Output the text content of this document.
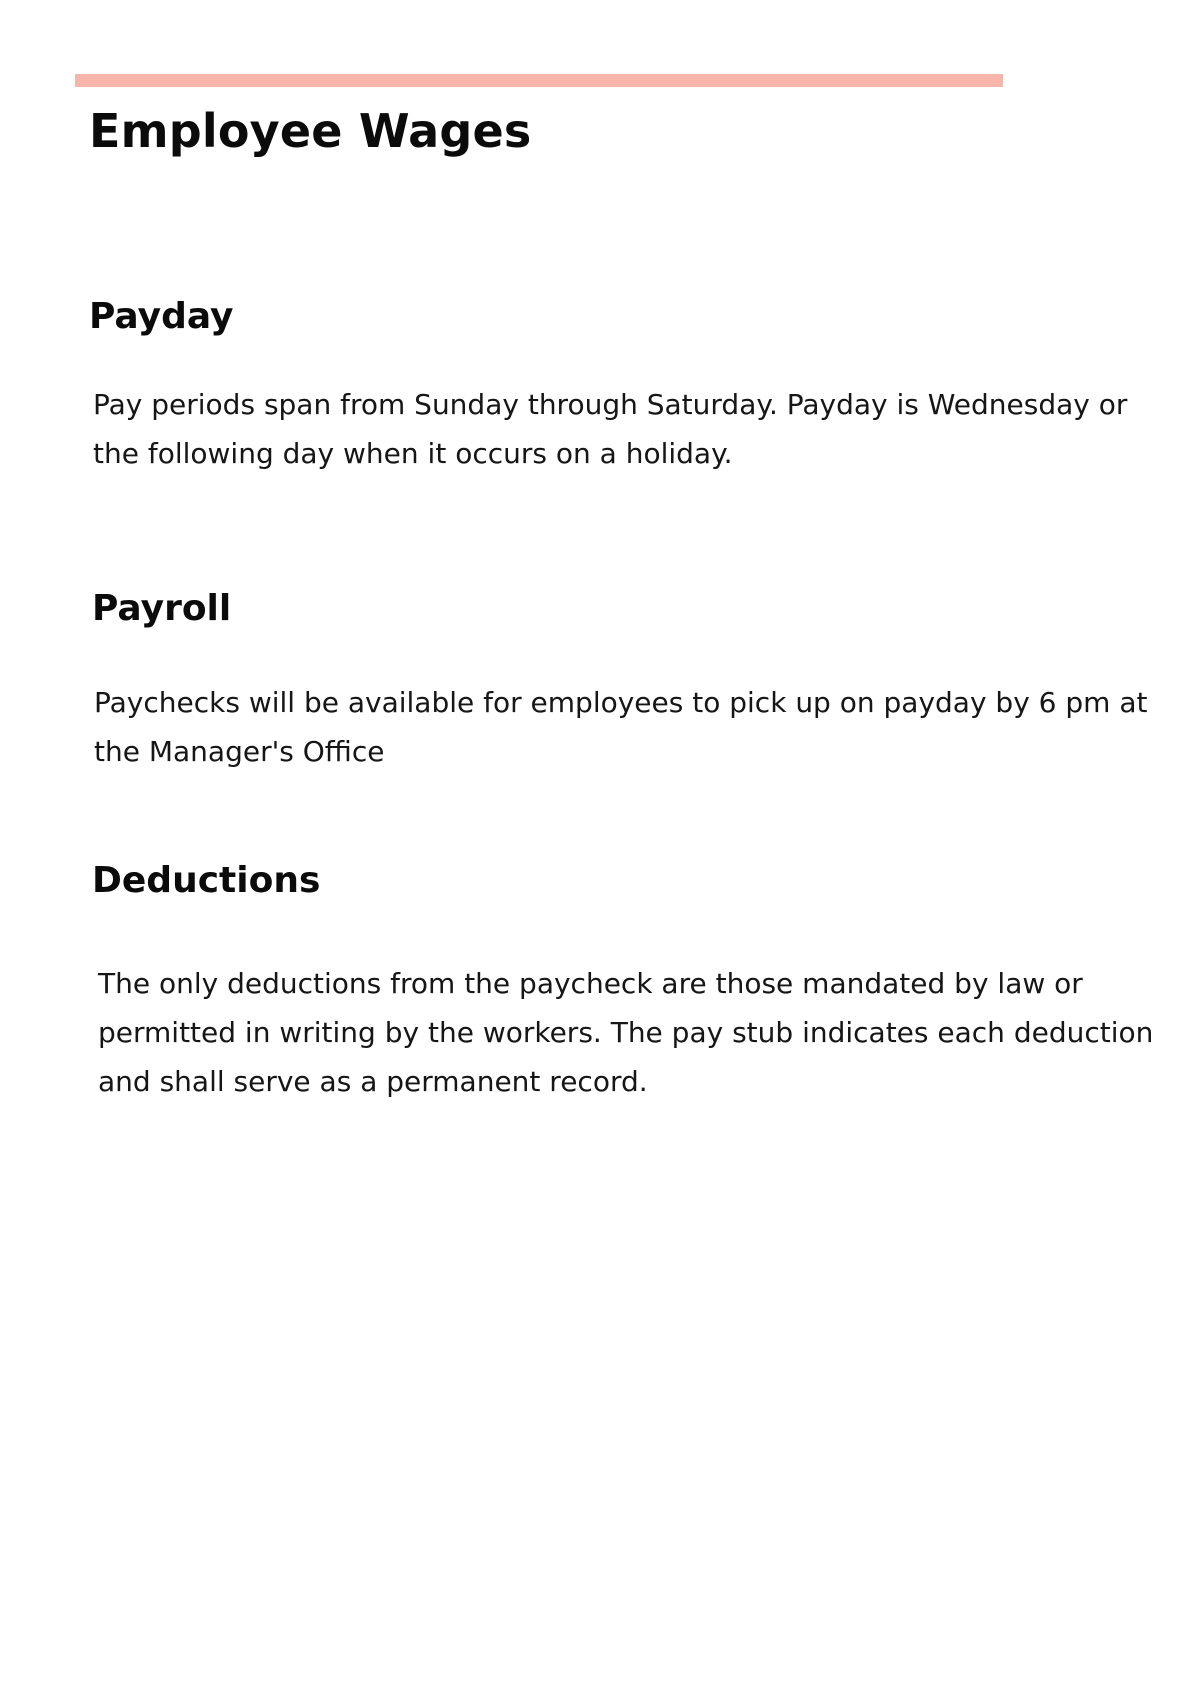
Employee Wages
Payday

Pay periods span from Sunday through Saturday. Payday is Wednesday or
the following day when it occurs on a holiday.

Payroll

Paychecks will be available for employees to pick up on payday by 6 pm at
the Manager's Office

Deductions

The only deductions from the paycheck are those mandated by law or
permitted in writing by the workers. The pay stub indicates each deduction
and shall serve as a permanent record.
